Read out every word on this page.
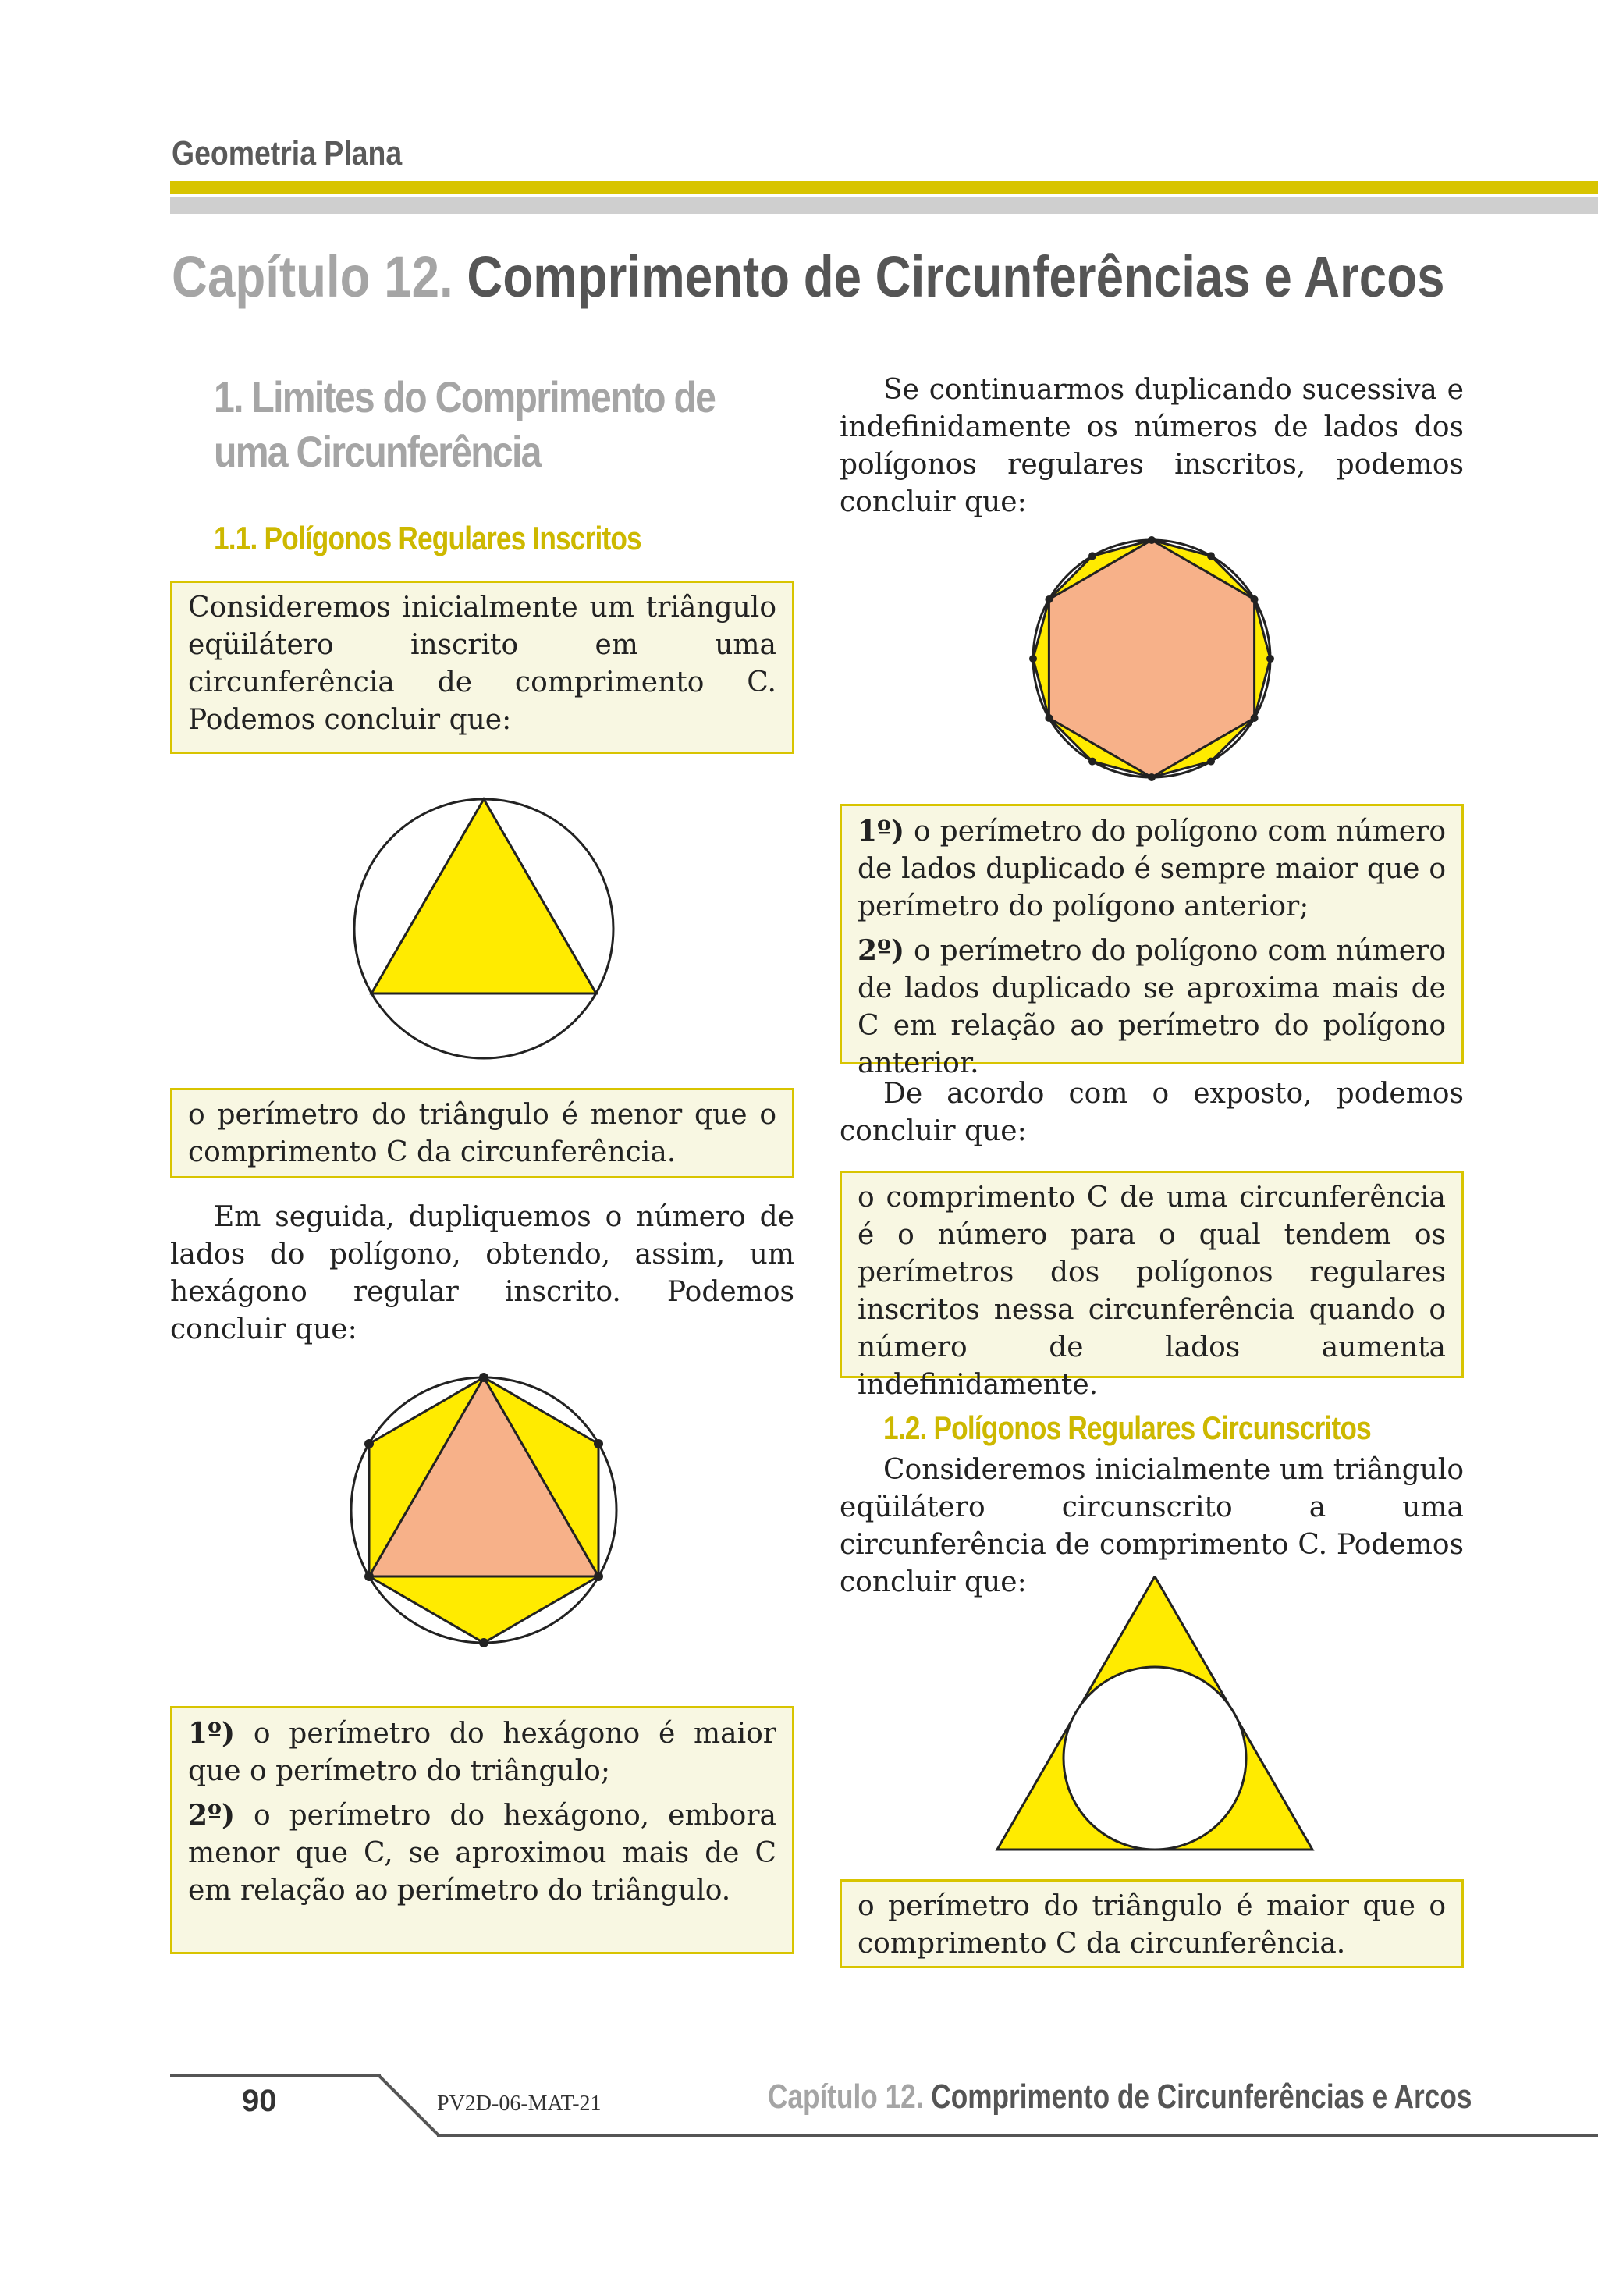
Geometria Plana
Capítulo 12. Comprimento de Circunferências e Arcos
1. Limites do Comprimento de uma Circunferência
1.1. Polígonos Regulares Inscritos

Consideremos inicialmente um triângulo eqüilátero inscrito em uma circunferência de comprimento C. Podemos concluir que:

o perímetro do triângulo é menor que o comprimento C da circunferência.

Em seguida, dupliquemos o número de lados do polígono, obtendo, assim, um hexágono regular inscrito. Podemos concluir que:

1º) o perímetro do hexágono é maior que o perímetro do triângulo;

2º) o perímetro do hexágono, embora menor que C, se aproximou mais de C em relação ao perímetro do triângulo.

Se continuarmos duplicando sucessiva e indefinidamente os números de lados dos polígonos regulares inscritos, podemos concluir que:

1º) o perímetro do polígono com número de lados duplicado é sempre maior que o perímetro do polígono anterior;

2º) o perímetro do polígono com número de lados duplicado se aproxima mais de C em relação ao perímetro do polígono anterior.

De acordo com o exposto, podemos concluir que:

o comprimento C de uma circunferência é o número para o qual tendem os perímetros dos polígonos regulares inscritos nessa circunferência quando o número de lados aumenta indefinidamente.

1.2. Polígonos Regulares Circunscritos

Consideremos inicialmente um triângulo eqüilátero circunscrito a uma circunferência de comprimento C. Podemos concluir que:

o perímetro do triângulo é maior que o comprimento C da circunferência.

90	PV2D-06-MAT-21	Capítulo 12. Comprimento de Circunferências e Arcos
